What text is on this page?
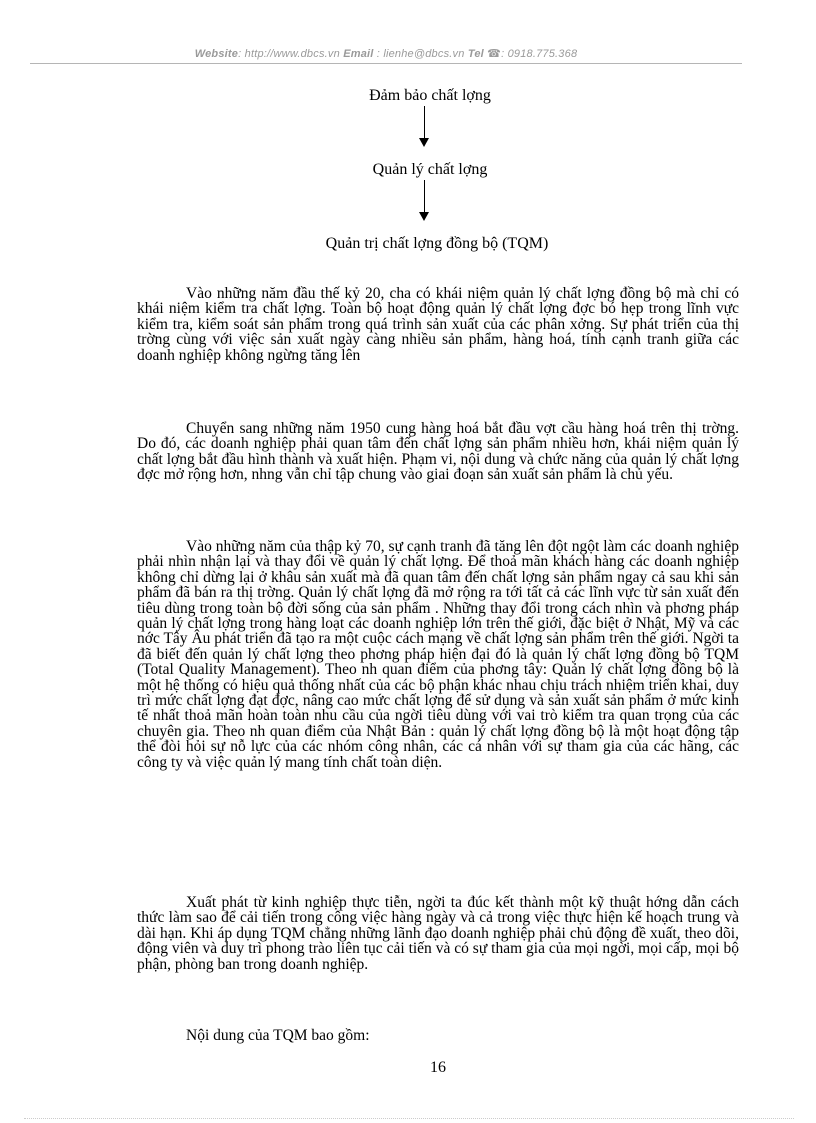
Website: http://www.dbcs.vn Email : lienhe@dbcs.vn Tel ☎: 0918.775.368
Đảm bảo chất lợng
Quản lý chất lợng
Quản trị chất lợng đồng bộ (TQM)

Vào những năm đầu thế kỷ 20, cha có khái niệm quản lý chất lợng đồng bộ mà chỉ có khái niệm kiểm tra chất lợng. Toàn bộ hoạt động quản lý chất lợng đợc bó hẹp trong lĩnh vực kiểm tra, kiểm soát sản phẩm trong quá trình sản xuất của các phân xởng. Sự phát triển của thị trờng cùng với việc sản xuất ngày càng nhiều sản phẩm, hàng hoá, tính cạnh tranh giữa các doanh nghiệp không ngừng tăng lên

Chuyển sang những năm 1950 cung hàng hoá bắt đầu vợt cầu hàng hoá trên thị trờng. Do đó, các doanh nghiệp phải quan tâm đến chất lợng sản phẩm nhiều hơn, khái niệm quản lý chất lợng bắt đầu hình thành và xuất hiện. Phạm vi, nội dung và chức năng của quản lý chất lợng đợc mở rộng hơn, nhng vẫn chỉ tập chung vào giai đoạn sản xuất sản phẩm là chủ yếu.

Vào những năm của thập kỷ 70, sự cạnh tranh đã tăng lên đột ngột làm các doanh nghiệp phải nhìn nhận lại và thay đổi về quản lý chất lợng. Để thoả mãn khách hàng các doanh nghiệp không chỉ dừng lại ở khâu sản xuất mà đã quan tâm đến chất lợng sản phẩm ngay cả sau khi sản phẩm đã bán ra thị trờng. Quản lý chất lợng đã mở rộng ra tới tất cả các lĩnh vực từ sản xuất đến tiêu dùng trong toàn bộ đời sống của sản phẩm . Những thay đổi trong cách nhìn và phơng pháp quản lý chất lợng trong hàng loạt các doanh nghiệp lớn trên thế giới, đặc biệt ở Nhật, Mỹ và các nớc Tây Âu phát triển đã tạo ra một cuộc cách mạng về chất lợng sản phẩm trên thế giới. Ngời ta đã biết đến quản lý chất lợng theo phơng pháp hiện đại đó là quản lý chất lợng đồng bộ TQM (Total Quality Management). Theo nh quan điểm của phơng tây: Quản lý chất lợng đồng bộ là một hệ thống có hiệu quả thống nhất của các bộ phận khác nhau chịu trách nhiệm triển khai, duy trì mức chất lợng đạt đợc, nâng cao mức chất lợng để sử dụng và sản xuất sản phẩm ở mức kinh tế nhất thoả mãn hoàn toàn nhu cầu của ngời tiêu dùng với vai trò kiểm tra quan trọng của các chuyên gia. Theo nh quan điểm của Nhật Bản : quản lý chất lợng đồng bộ là một hoạt động tập thể đòi hỏi sự nỗ lực của các nhóm công nhân, các cá nhân với sự tham gia của các hãng, các công ty và việc quản lý mang tính chất toàn diện.

Xuất phát từ kinh nghiệp thực tiễn, ngời ta đúc kết thành một kỹ thuật hớng dẫn cách thức làm sao để cải tiến trong công việc hàng ngày và cả trong việc thực hiện kế hoạch trung và dài hạn. Khi áp dụng TQM chẳng những lãnh đạo doanh nghiệp phải chủ động đề xuất, theo dõi, động viên và duy trì phong trào liên tục cải tiến và có sự tham gia của mọi ngời, mọi cấp, mọi bộ phận, phòng ban trong doanh nghiệp.

Nội dung của TQM bao gồm:

16
